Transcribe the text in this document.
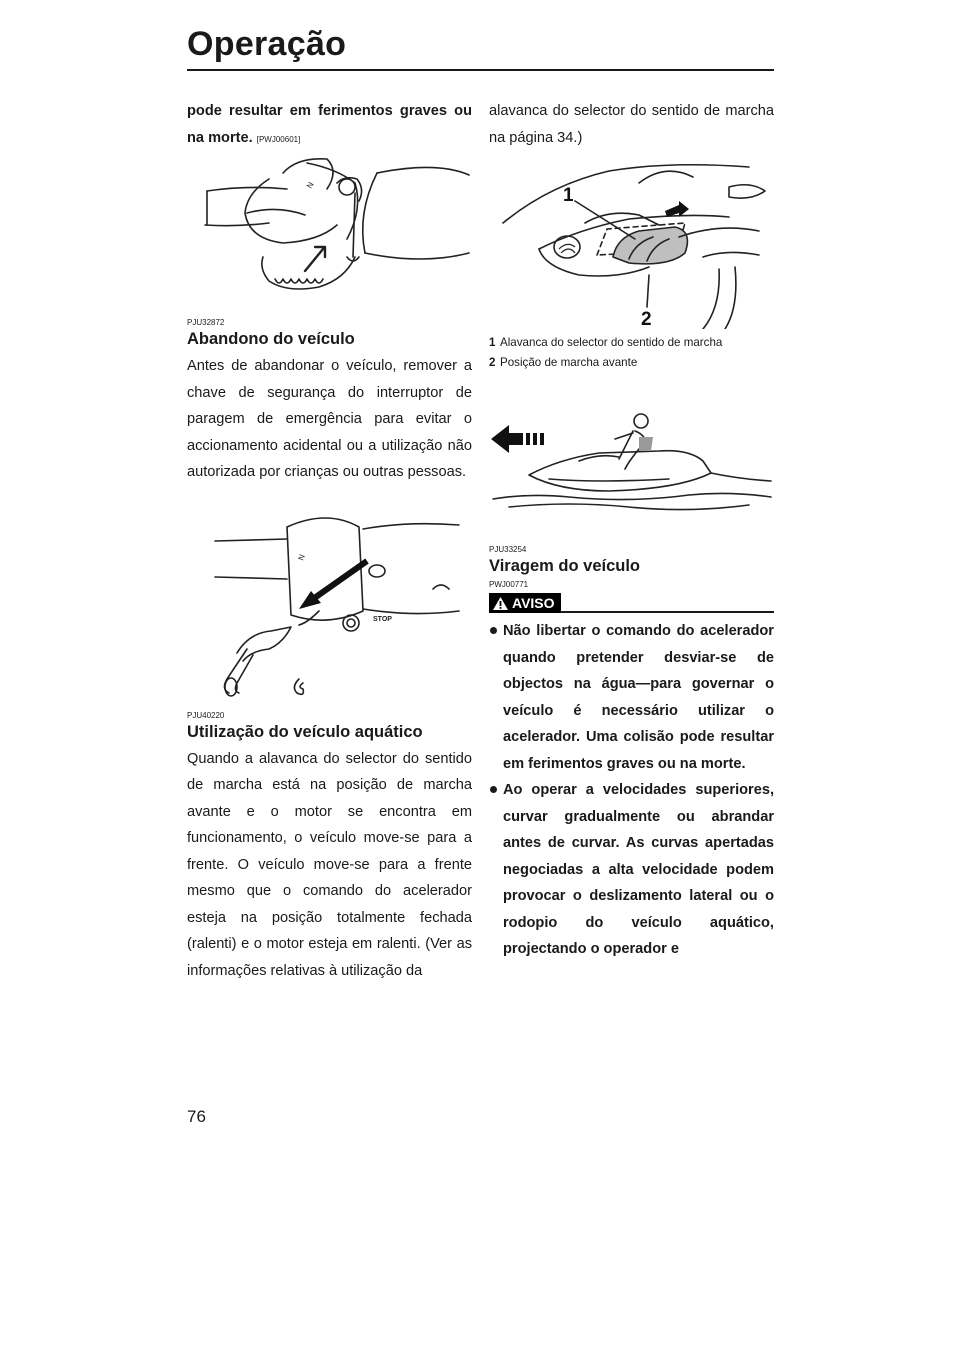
Operação

pode resultar em ferimentos graves ou na morte. [PWJ00601]

N

PJU32872

Abandono do veículo

Antes de abandonar o veículo, remover a chave de segurança do interruptor de paragem de emergência para evitar o accionamento acidental ou a utilização não autorizada por crianças ou outras pessoas.

STOP
N

PJU40220

Utilização do veículo aquático

Quando a alavanca do selector do sentido de marcha está na posição de marcha avante e o motor se encontra em funcionamento, o veículo move-se para a frente. O veículo move-se para a frente mesmo que o comando do acelerador esteja na posição totalmente fechada (ralenti) e o motor esteja em ralenti. (Ver as informações relativas à utilização da

alavanca do selector do sentido de marcha na página 34.)

1
2
1 Alavanca do selector do sentido de marcha
2 Posição de marcha avante

PJU33254

Viragem do veículo

PWJ00771

AVISO
Não libertar o comando do acelerador quando pretender desviar-se de objectos na água—para governar o veículo é necessário utilizar o acelerador. Uma colisão pode resultar em ferimentos graves ou na morte.
Ao operar a velocidades superiores, curvar gradualmente ou abrandar antes de curvar. As curvas apertadas negociadas a alta velocidade podem provocar o deslizamento lateral ou o rodopio do veículo aquático, projectando o operador e
76
